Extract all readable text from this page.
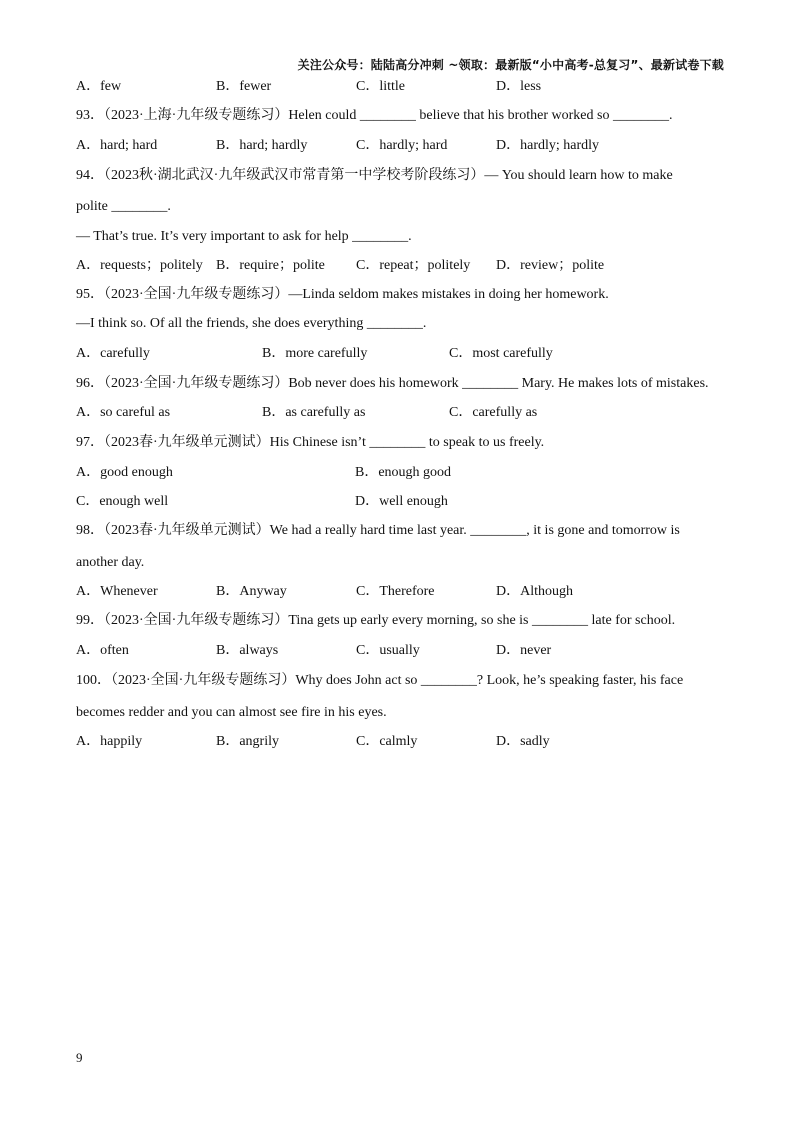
关注公众号：陆陆高分冲刺 ~领取：最新版“小中高考-总复习”、最新试卷下载
A．few	B．fewer	C．little	D．less
93．（2023·上海·九年级专题练习）Helen could ________ believe that his brother worked so ________.
A．hard; hard	B．hard; hardly	C．hardly; hard	D．hardly; hardly
94．（2023秋·湖北武汉·九年级武汉市常青第一中学校考阶段练习）— You should learn how to make
polite ________.
— That’s true. It’s very important to ask for help ________.
A．requests；politely B．require；polite C．repeat；politely D．review；polite
95．（2023·全国·九年级专题练习）—Linda seldom makes mistakes in doing her homework.
—I think so. Of all the friends, she does everything ________.
A．carefully	B．more carefully	C．most carefully
96．（2023·全国·九年级专题练习）Bob never does his homework ________ Mary. He makes lots of mistakes.
A．so careful as	B．as carefully as	C．carefully as
97．（2023春·九年级单元测试）His Chinese isn’t ________ to speak to us freely.
A．good enough	B．enough good
C．enough well	D．well enough
98．（2023春·九年级单元测试）We had a really hard time last year. ________, it is gone and tomorrow is
another day.
A．Whenever	B．Anyway	C．Therefore	D．Although
99．（2023·全国·九年级专题练习）Tina gets up early every morning, so she is ________ late for school.
A．often	B．always	C．usually	D．never
100．（2023·全国·九年级专题练习）Why does John act so ________? Look, he’s speaking faster, his face
becomes redder and you can almost see fire in his eyes.
A．happily	B．angrily	C．calmly	D．sadly
9
